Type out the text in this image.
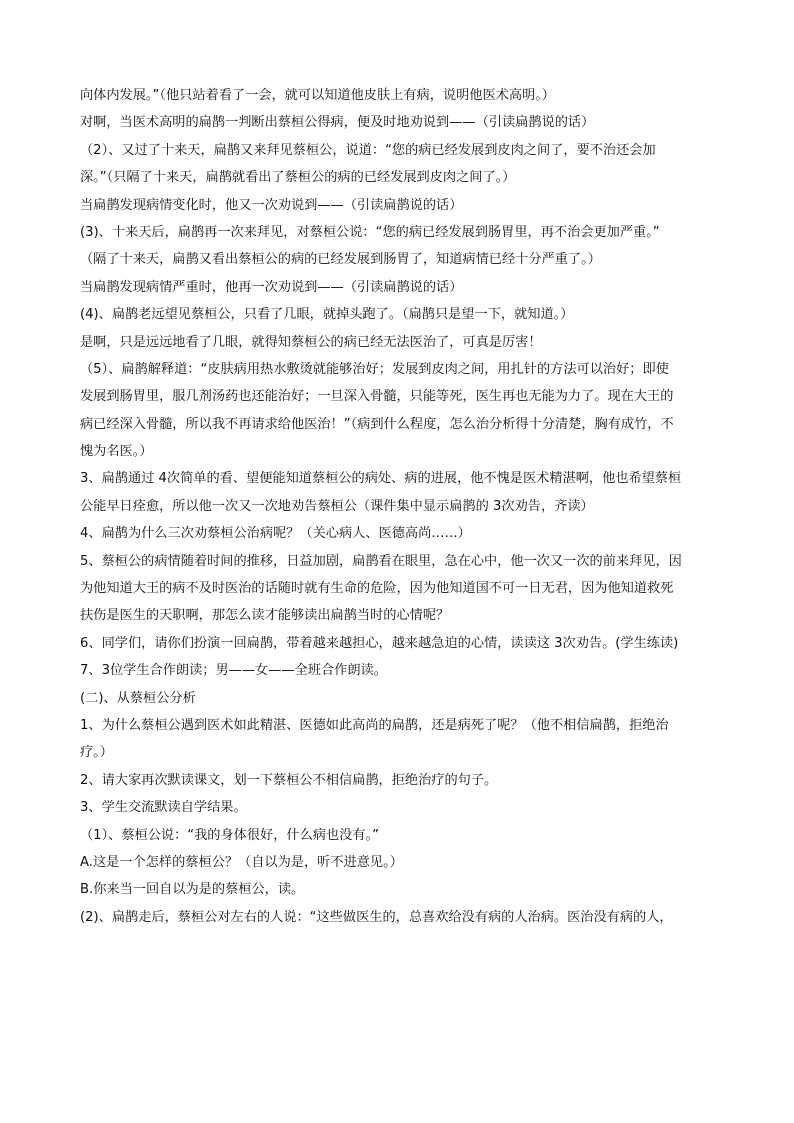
向体内发展。”（他只站着看了一会，就可以知道他皮肤上有病，说明他医术高明。）
对啊，当医术高明的扁鹊一判断出蔡桓公得病，便及时地劝说到——（引读扁鹊说的话）
（2）、又过了十来天，扁鹊又来拜见蔡桓公，说道：“您的病已经发展到皮肉之间了，要不治还会加
深。”（只隔了十来天，扁鹊就看出了蔡桓公的病的已经发展到皮肉之间了。）
当扁鹊发现病情变化时，他又一次劝说到——（引读扁鹊说的话）
(3)、十来天后，扁鹊再一次来拜见，对蔡桓公说：“您的病已经发展到肠胃里，再不治会更加严重。”
（隔了十来天，扁鹊又看出蔡桓公的病的已经发展到肠胃了，知道病情已经十分严重了。）
当扁鹊发现病情严重时，他再一次劝说到——（引读扁鹊说的话）
(4)、扁鹊老远望见蔡桓公，只看了几眼，就掉头跑了。（扁鹊只是望一下，就知道。）
是啊，只是远远地看了几眼，就得知蔡桓公的病已经无法医治了，可真是厉害！
（5）、扁鹊解释道：“皮肤病用热水敷烫就能够治好；发展到皮肉之间，用扎针的方法可以治好；即使
发展到肠胃里，服几剂汤药也还能治好；一旦深入骨髓，只能等死，医生再也无能为力了。现在大王的
病已经深入骨髓，所以我不再请求给他医治！”（病到什么程度，怎么治分析得十分清楚，胸有成竹，不
愧为名医。）
3、扁鹊通过 4次简单的看、望便能知道蔡桓公的病处、病的进展，他不愧是医术精湛啊，他也希望蔡桓
公能早日痊愈，所以他一次又一次地劝告蔡桓公（课件集中显示扁鹊的 3次劝告，齐读）
4、扁鹊为什么三次劝蔡桓公治病呢？（关心病人、医德高尚……）
5、蔡桓公的病情随着时间的推移，日益加剧，扁鹊看在眼里，急在心中，他一次又一次的前来拜见，因
为他知道大王的病不及时医治的话随时就有生命的危险，因为他知道国不可一日无君，因为他知道救死
扶伤是医生的天职啊，那怎么读才能够读出扁鹊当时的心情呢？
6、同学们，请你们扮演一回扁鹊，带着越来越担心，越来越急迫的心情，读读这 3次劝告。(学生练读)
7、3位学生合作朗读；男——女——全班合作朗读。
(二)、从蔡桓公分析
1、为什么蔡桓公遇到医术如此精湛、医德如此高尚的扁鹊，还是病死了呢？（他不相信扁鹊，拒绝治
疗。）
2、请大家再次默读课文，划一下蔡桓公不相信扁鹊，拒绝治疗的句子。
3、学生交流默读自学结果。
（1）、蔡桓公说：“我的身体很好，什么病也没有。”
A.这是一个怎样的蔡桓公？（自以为是，听不进意见。）
B.你来当一回自以为是的蔡桓公，读。
(2)、扁鹊走后，蔡桓公对左右的人说：“这些做医生的，总喜欢给没有病的人治病。医治没有病的人，
